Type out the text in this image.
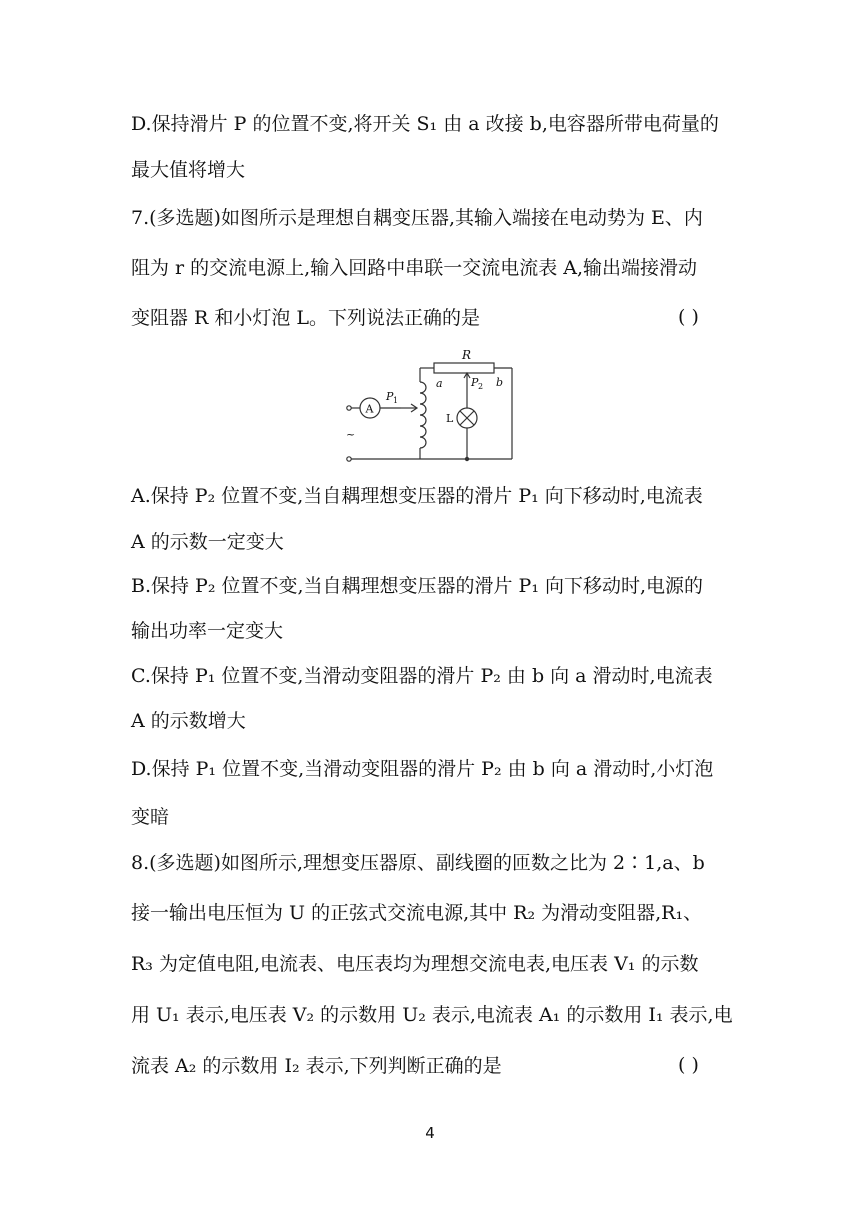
D.保持滑片 P 的位置不变,将开关 S₁ 由 a 改接 b,电容器所带电荷量的
最大值将增大
7.(多选题)如图所示是理想自耦变压器,其输入端接在电动势为 E、内
阻为 r 的交流电源上,输入回路中串联一交流电流表 A,输出端接滑动
变阻器 R 和小灯泡 L。下列说法正确的是	( )
R
A
P 1
a	P 2 b
L
~
A.保持 P₂ 位置不变,当自耦理想变压器的滑片 P₁ 向下移动时,电流表
A 的示数一定变大
B.保持 P₂ 位置不变,当自耦理想变压器的滑片 P₁ 向下移动时,电源的
输出功率一定变大
C.保持 P₁ 位置不变,当滑动变阻器的滑片 P₂ 由 b 向 a 滑动时,电流表
A 的示数增大
D.保持 P₁ 位置不变,当滑动变阻器的滑片 P₂ 由 b 向 a 滑动时,小灯泡
变暗
8.(多选题)如图所示,理想变压器原、副线圈的匝数之比为 2∶1,a、b
接一输出电压恒为 U 的正弦式交流电源,其中 R₂ 为滑动变阻器,R₁、
R₃ 为定值电阻,电流表、电压表均为理想交流电表,电压表 V₁ 的示数
用 U₁ 表示,电压表 V₂ 的示数用 U₂ 表示,电流表 A₁ 的示数用 I₁ 表示,电
流表 A₂ 的示数用 I₂ 表示,下列判断正确的是	( )
4
